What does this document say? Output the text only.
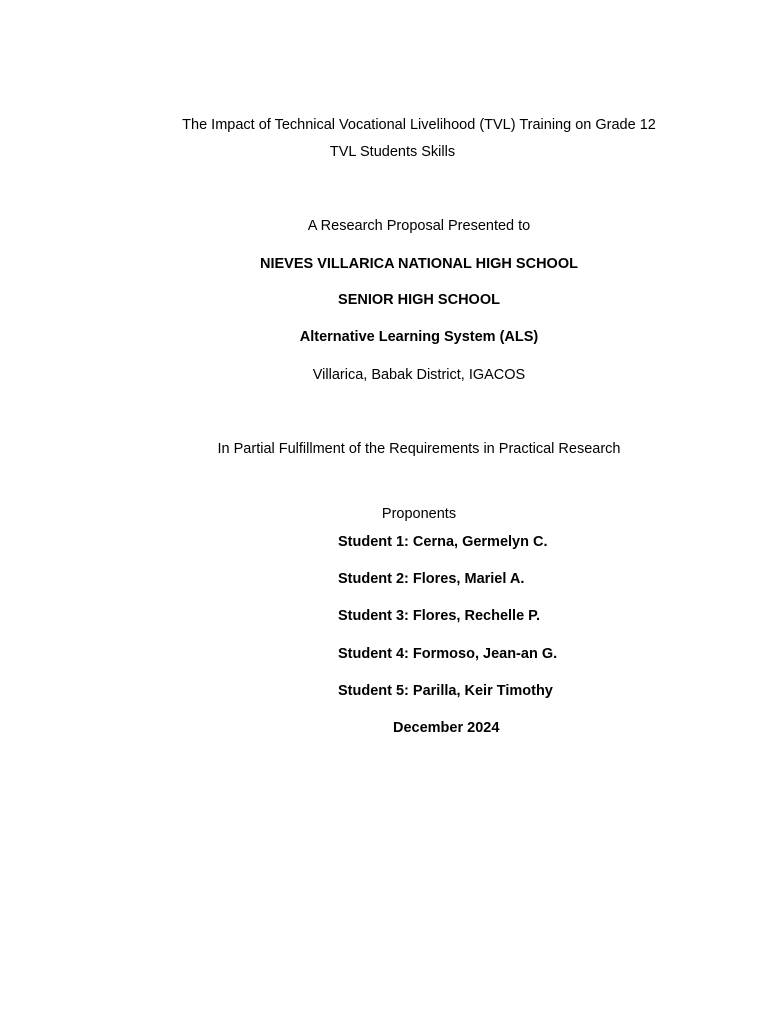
The Impact of Technical Vocational Livelihood (TVL) Training on Grade 12
TVL Students Skills
A Research Proposal Presented to
NIEVES VILLARICA NATIONAL HIGH SCHOOL
SENIOR HIGH SCHOOL
Alternative Learning System (ALS)
Villarica, Babak District, IGACOS
In Partial Fulfillment of the Requirements in Practical Research
Proponents
Student 1: Cerna, Germelyn C.
Student 2: Flores, Mariel A.
Student 3: Flores, Rechelle P.
Student 4: Formoso, Jean-an G.
Student 5: Parilla, Keir Timothy
December 2024
